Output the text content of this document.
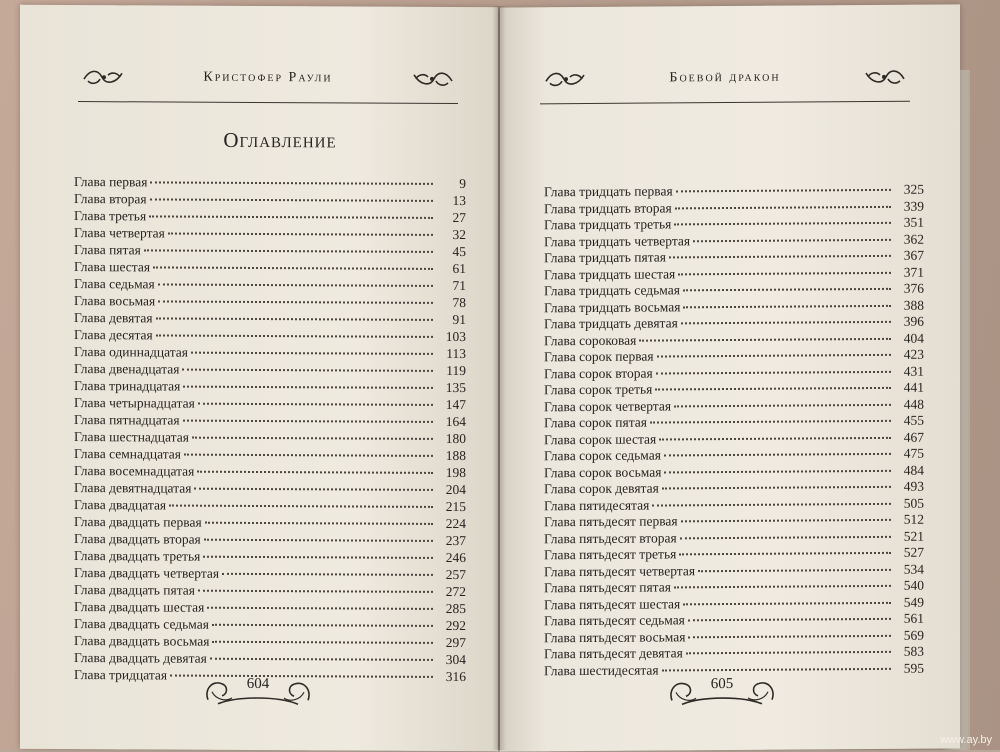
Кристофер Раули
Оглавление
Глава первая	9
Глава вторая	13
Глава третья	27
Глава четвертая	32
Глава пятая	45
Глава шестая	61
Глава седьмая	71
Глава восьмая	78
Глава девятая	91
Глава десятая	103
Глава одиннадцатая	113
Глава двенадцатая	119
Глава тринадцатая	135
Глава четырнадцатая	147
Глава пятнадцатая	164
Глава шестнадцатая	180
Глава семнадцатая	188
Глава восемнадцатая	198
Глава девятнадцатая	204
Глава двадцатая	215
Глава двадцать первая	224
Глава двадцать вторая	237
Глава двадцать третья	246
Глава двадцать четвертая	257
Глава двадцать пятая	272
Глава двадцать шестая	285
Глава двадцать седьмая	292
Глава двадцать восьмая	297
Глава двадцать девятая	304
Глава тридцатая	316
604
Боевой дракон
Глава тридцать первая	325
Глава тридцать вторая	339
Глава тридцать третья	351
Глава тридцать четвертая	362
Глава тридцать пятая	367
Глава тридцать шестая	371
Глава тридцать седьмая	376
Глава тридцать восьмая	388
Глава тридцать девятая	396
Глава сороковая	404
Глава сорок первая	423
Глава сорок вторая	431
Глава сорок третья	441
Глава сорок четвертая	448
Глава сорок пятая	455
Глава сорок шестая	467
Глава сорок седьмая	475
Глава сорок восьмая	484
Глава сорок девятая	493
Глава пятидесятая	505
Глава пятьдесят первая	512
Глава пятьдесят вторая	521
Глава пятьдесят третья	527
Глава пятьдесят четвертая	534
Глава пятьдесят пятая	540
Глава пятьдесят шестая	549
Глава пятьдесят седьмая	561
Глава пятьдесят восьмая	569
Глава пятьдесят девятая	583
Глава шестидесятая	595
605
www.ay.by
